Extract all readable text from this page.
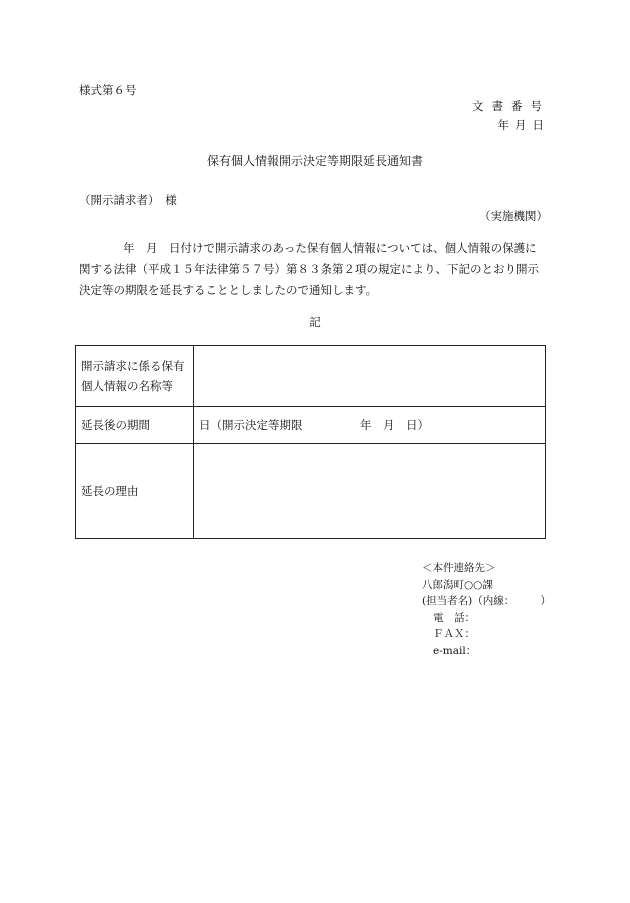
様式第６号
文書番号
年月日
保有個人情報開示決定等期限延長通知書
（開示請求者）　様
（実施機関）

年　月　日付けで開示請求のあった保有個人情報については、個人情報の保護に

関する法律（平成１５年法律第５７号）第８３条第２項の規定により、下記のとおり開示

決定等の期限を延長することとしましたので通知します。

記
開示請求に係る保有
個人情報の名称等	

延長後の期間	日（開示決定等期限　　　　　年　月　日）
延長の理由	
＜本件連絡先＞
八郎潟町○○課
(担当者名)（内線：　　　）
電　話：
ＦＡＸ：
e-mail：
